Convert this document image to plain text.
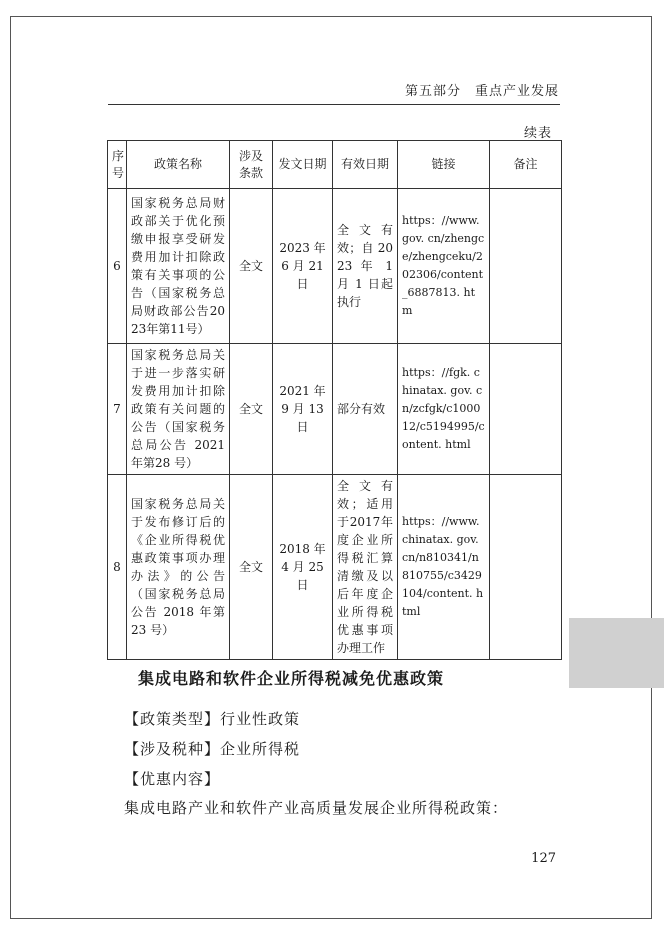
第五部分 重点产业发展
续表
序号	政策名称	涉及条款	发文日期	有效日期	链接	备注
6	国家税务总局财政部关于优化预缴申报享受研发费用加计扣除政策有关事项的公告（国家税务总局财政部公告2023年第11号）	全文	2023 年 6 月 21 日	全文有效；自 2023 年 1 月 1 日起执行	https：//www. gov. cn/zhengce/zhengceku/202306/content_6887813. htm	
7	国家税务总局关于进一步落实研发费用加计扣除政策有关问题的公告（国家税务总局公告 2021 年第28 号）	全文	2021 年 9 月 13 日	部分有效	https：//fgk. chinatax. gov. cn/zcfgk/c100012/c5194995/content. html	
8	国家税务总局关于发布修订后的《企业所得税优惠政策事项办理办法》的公告（国家税务总局公告 2018 年第 23 号）	全文	2018 年 4 月 25 日	全文有效；适用于2017年度企业所得税汇算清缴及以后年度企业所得税优惠事项办理工作	https：//www. chinatax. gov. cn/n810341/n810755/c3429104/content. html	
集成电路和软件企业所得税减免优惠政策
【政策类型】行业性政策
【涉及税种】企业所得税
【优惠内容】
集成电路产业和软件产业高质量发展企业所得税政策：
127
